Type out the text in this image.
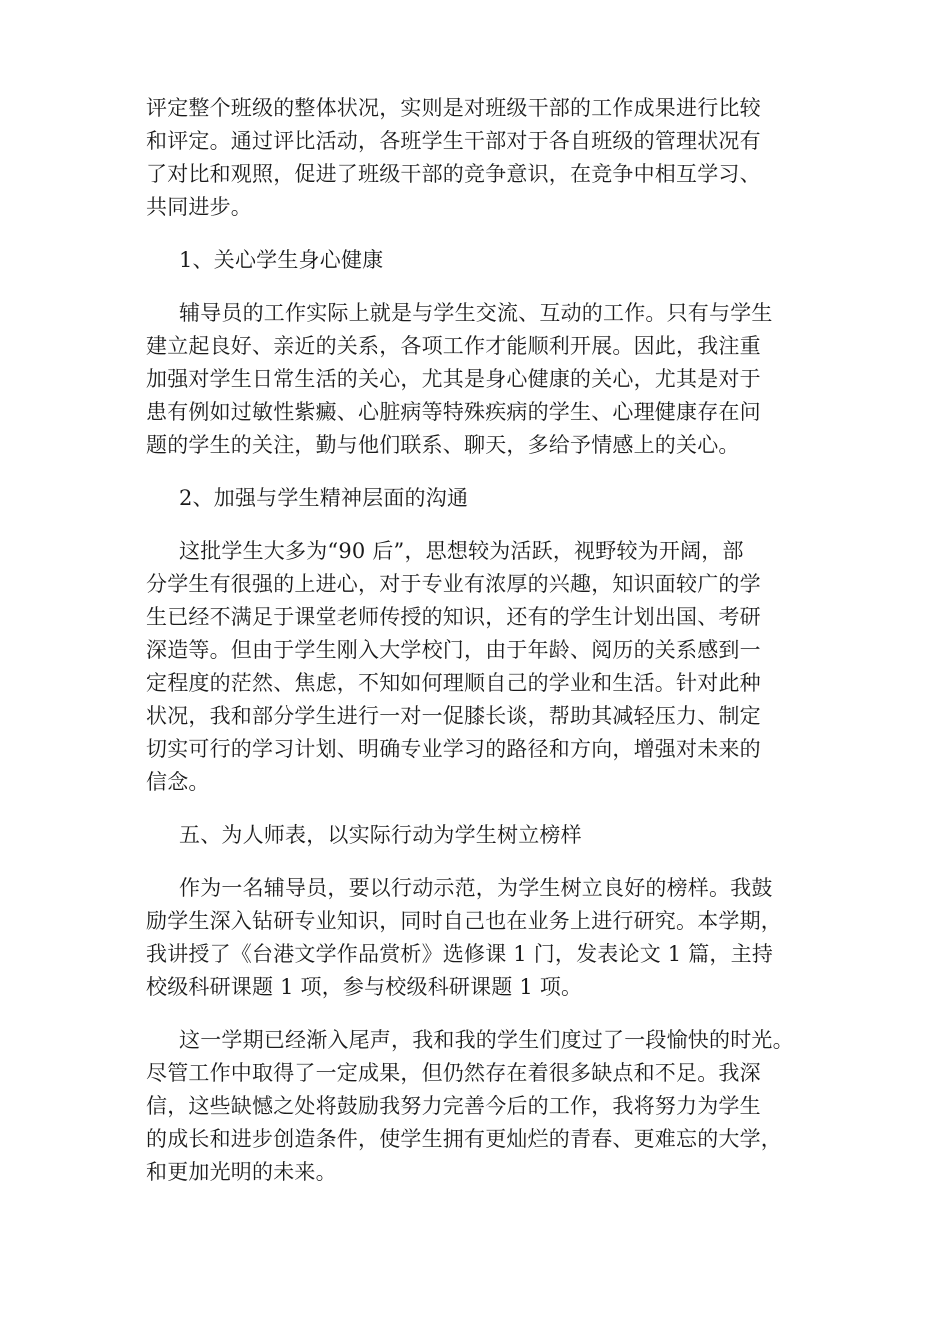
评定整个班级的整体状况，实则是对班级干部的工作成果进行比较
和评定。通过评比活动，各班学生干部对于各自班级的管理状况有
了对比和观照，促进了班级干部的竞争意识，在竞争中相互学习、
共同进步。
1、关心学生身心健康
辅导员的工作实际上就是与学生交流、互动的工作。只有与学生
建立起良好、亲近的关系，各项工作才能顺利开展。因此，我注重
加强对学生日常生活的关心，尤其是身心健康的关心，尤其是对于
患有例如过敏性紫癜、心脏病等特殊疾病的学生、心理健康存在问
题的学生的关注，勤与他们联系、聊天，多给予情感上的关心。
2、加强与学生精神层面的沟通
这批学生大多为“90 后”，思想较为活跃，视野较为开阔，部
分学生有很强的上进心，对于专业有浓厚的兴趣，知识面较广的学
生已经不满足于课堂老师传授的知识，还有的学生计划出国、考研
深造等。但由于学生刚入大学校门，由于年龄、阅历的关系感到一
定程度的茫然、焦虑，不知如何理顺自己的学业和生活。针对此种
状况，我和部分学生进行一对一促膝长谈，帮助其减轻压力、制定
切实可行的学习计划、明确专业学习的路径和方向，增强对未来的
信念。
五、为人师表，以实际行动为学生树立榜样
作为一名辅导员，要以行动示范，为学生树立良好的榜样。我鼓
励学生深入钻研专业知识，同时自己也在业务上进行研究。本学期，
我讲授了《台港文学作品赏析》选修课 1 门，发表论文 1 篇，主持
校级科研课题 1 项，参与校级科研课题 1 项。
这一学期已经渐入尾声，我和我的学生们度过了一段愉快的时光。
尽管工作中取得了一定成果，但仍然存在着很多缺点和不足。我深
信，这些缺憾之处将鼓励我努力完善今后的工作，我将努力为学生
的成长和进步创造条件，使学生拥有更灿烂的青春、更难忘的大学，
和更加光明的未来。
